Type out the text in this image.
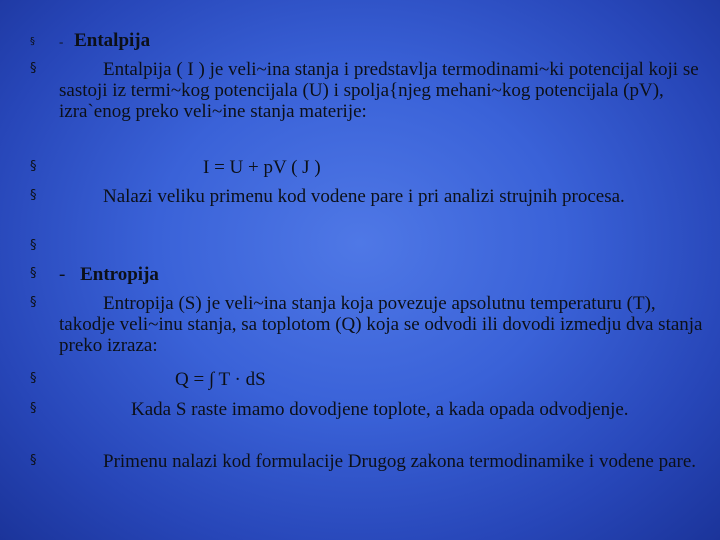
§	- Entalpija
§	Entalpija ( I ) je veli~ina stanja i predstavlja termodinami~ki potencijal koji se sastoji iz termi~kog potencijala (U) i spolja{njeg mehani~kog potencijala (pV), izra`enog preko veli~ine stanja materije:
§	I = U + pV ( J )
§	Nalazi veliku primenu kod vodene pare i pri analizi strujnih procesa.
§
§ - Entropija
§	Entropija (S) je veli~ina stanja koja povezuje apsolutnu temperaturu (T), takodje veli~inu stanja, sa toplotom (Q) koja se odvodi ili dovodi izmedju dva stanja preko izraza:
§	Q = ∫ T · dS
§	Kada S raste imamo dovodjene toplote, a kada opada odvodjenje.
§	Primenu nalazi kod formulacije Drugog zakona termodinamike i vodene pare.
